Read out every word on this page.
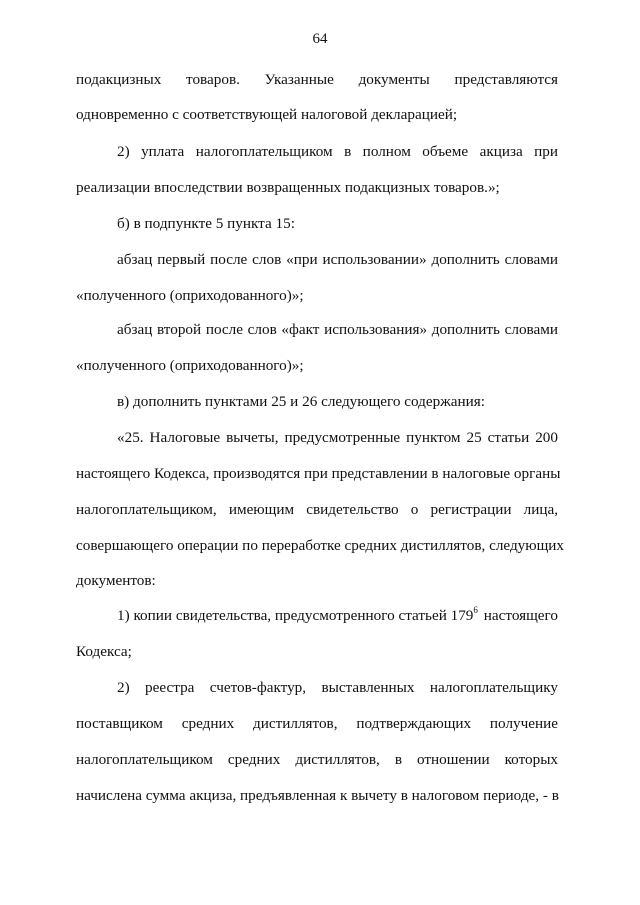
64
подакцизных товаров. Указанные документы представляются
одновременно с соответствующей налоговой декларацией;
2) уплата налогоплательщиком в полном объеме акциза при
реализации впоследствии возвращенных подакцизных товаров.»;
б) в подпункте 5 пункта 15:
абзац первый после слов «при использовании» дополнить словами
«полученного (оприходованного)»;
абзац второй после слов «факт использования» дополнить словами
«полученного (оприходованного)»;
в) дополнить пунктами 25 и 26 следующего содержания:
«25. Налоговые вычеты, предусмотренные пунктом 25 статьи 200
настоящего Кодекса, производятся при представлении в налоговые органы
налогоплательщиком, имеющим свидетельство о регистрации лица,
совершающего операции по переработке средних дистиллятов, следующих
документов:
1) копии свидетельства, предусмотренного статьей $179^6$ настоящего
Кодекса;
2) реестра счетов-фактур, выставленных налогоплательщику
поставщиком средних дистиллятов, подтверждающих получение
налогоплательщиком средних дистиллятов, в отношении которых
начислена сумма акциза, предъявленная к вычету в налоговом периоде, - в
